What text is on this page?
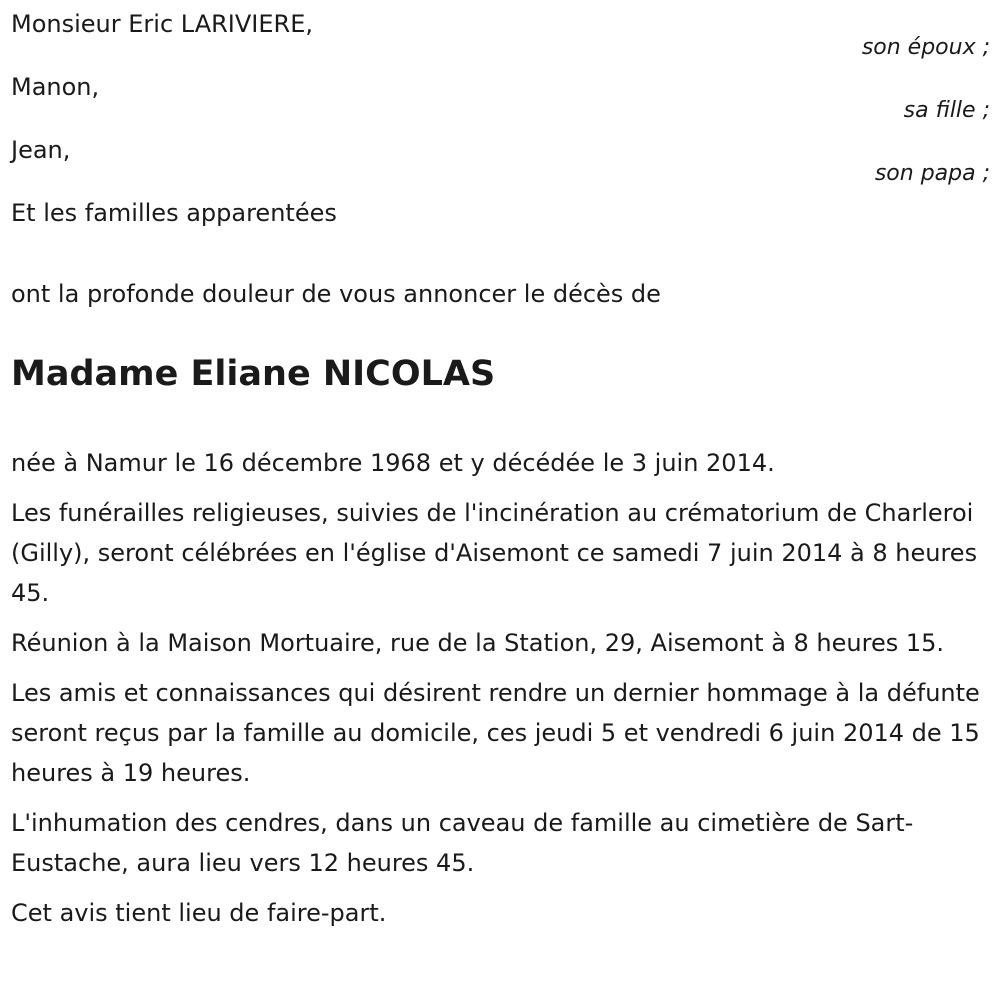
Monsieur Eric LARIVIERE,
son époux ;
Manon,
sa fille ;
Jean,
son papa ;
Et les familles apparentées
ont la profonde douleur de vous annoncer le décès de
Madame Eliane NICOLAS

née à Namur le 16 décembre 1968 et y décédée le 3 juin 2014.

Les funérailles religieuses, suivies de l'incinération au crématorium de Charleroi (Gilly), seront célébrées en l'église d'Aisemont ce samedi 7 juin 2014 à 8 heures 45.

Réunion à la Maison Mortuaire, rue de la Station, 29, Aisemont à 8 heures 15.

Les amis et connaissances qui désirent rendre un dernier hommage à la défunte seront reçus par la famille au domicile, ces jeudi 5 et vendredi 6 juin 2014 de 15 heures à 19 heures.

L'inhumation des cendres, dans un caveau de famille au cimetière de Sart-Eustache, aura lieu vers 12 heures 45.

Cet avis tient lieu de faire-part.
